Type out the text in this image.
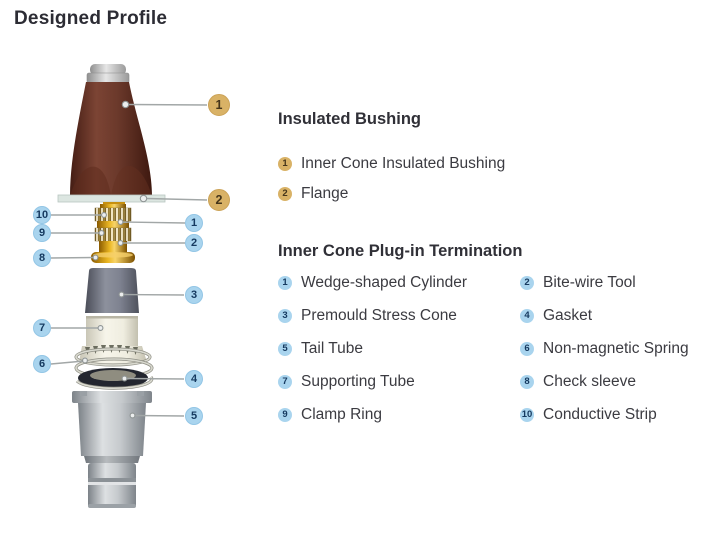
Designed Profile
1
2
10
1
9
2
8
3
7
6
4
5
Insulated Bushing
1 Inner Cone Insulated Bushing
2 Flange
Inner Cone Plug-in Termination
1 Wedge-shaped Cylinder	2 Bite-wire Tool
3 Premould Stress Cone	4 Gasket
5 Tail Tube	6 Non-magnetic Spring
7 Supporting Tube	8 Check sleeve
9 Clamp Ring	10 Conductive Strip
